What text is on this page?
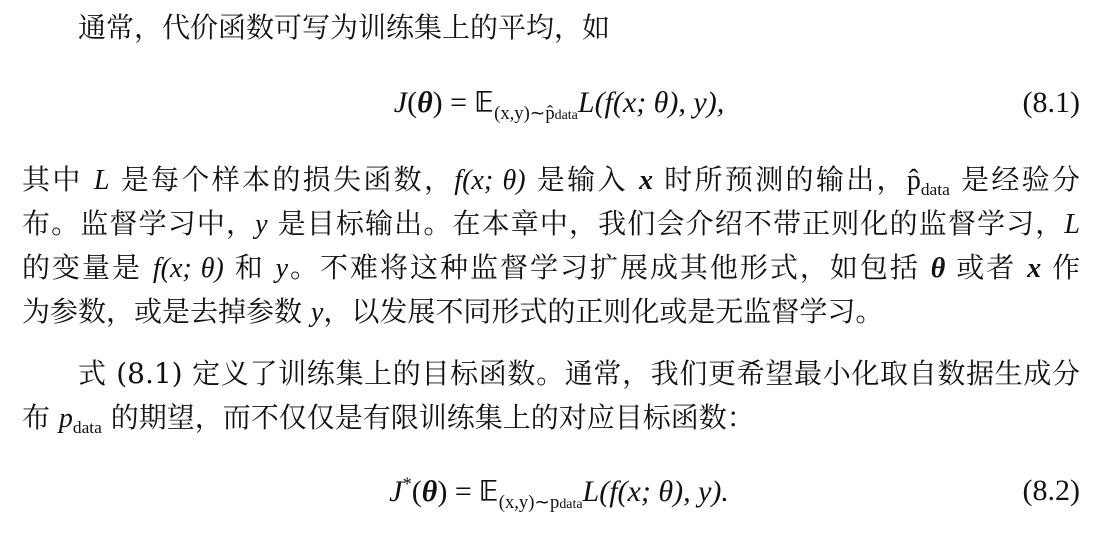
通常，代价函数可写为训练集上的平均，如
J(θ) = 𝔼$_{(x,y)\sim p̂data}$L(f(x; θ), y),	(8.1)
其中 L 是每个样本的损失函数，f(x; θ) 是输入 x 时所预测的输出，$p̂_{data}$ 是经验分
布。监督学习中，y 是目标输出。在本章中，我们会介绍不带正则化的监督学习，L
的变量是 f(x; θ) 和 y。不难将这种监督学习扩展成其他形式，如包括 θ 或者 x 作
为参数，或是去掉参数 y，以发展不同形式的正则化或是无监督学习。
式 (8.1) 定义了训练集上的目标函数。通常，我们更希望最小化取自数据生成分
布 $p_{data}$ 的期望，而不仅仅是有限训练集上的对应目标函数：
J*(θ) = 𝔼$_{(x,y)\sim pdata}$L(f(x; θ), y).	(8.2)
